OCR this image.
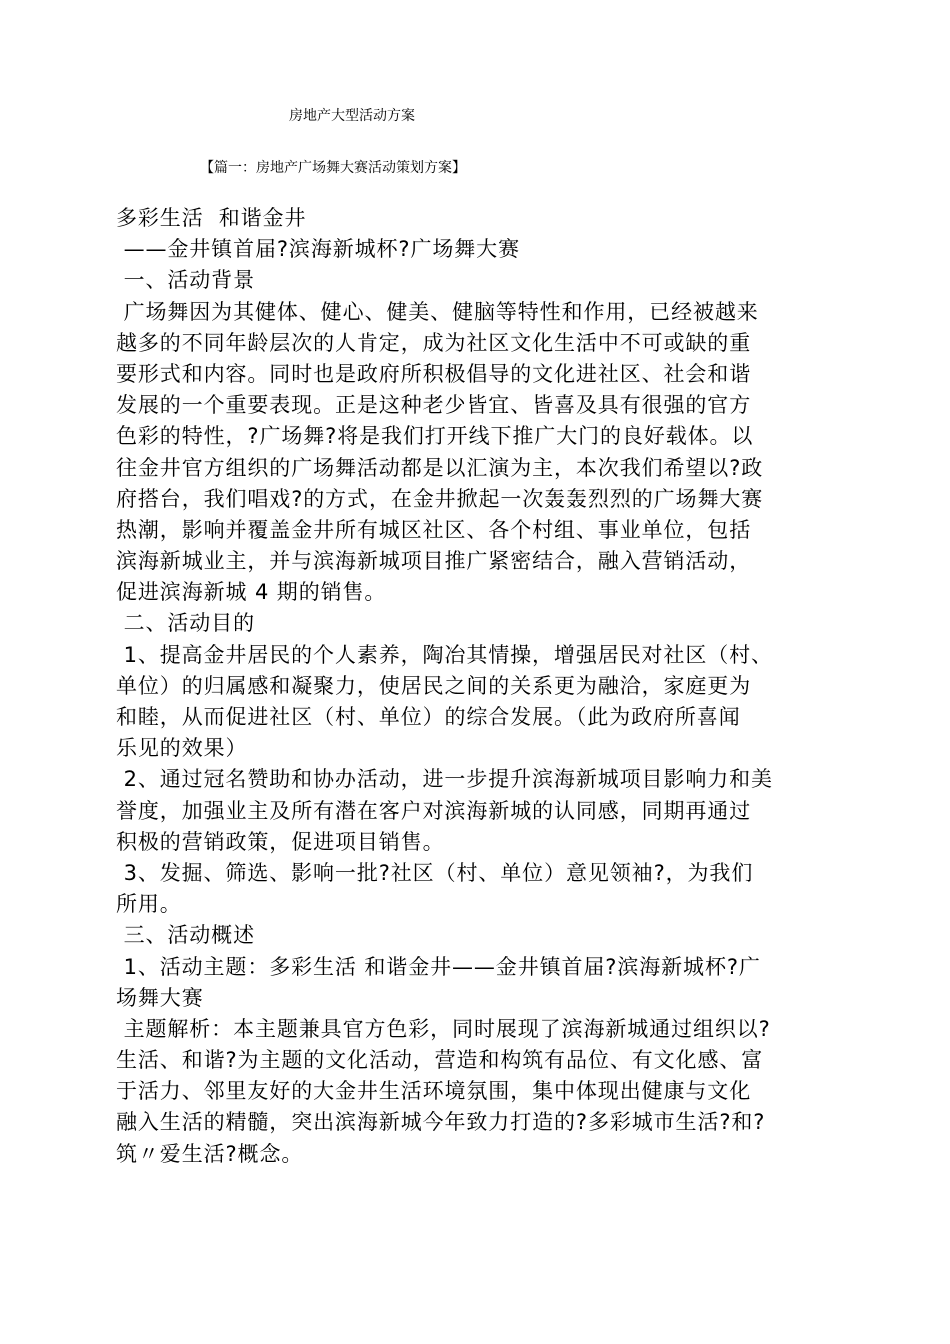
房地产大型活动方案
【篇一：房地产广场舞大赛活动策划方案】
多彩生活  和谐金井
——金井镇首届?滨海新城杯?广场舞大赛
一、活动背景
广场舞因为其健体、健心、健美、健脑等特性和作用，已经被越来
越多的不同年龄层次的人肯定，成为社区文化生活中不可或缺的重
要形式和内容。同时也是政府所积极倡导的文化进社区、社会和谐
发展的一个重要表现。正是这种老少皆宜、皆喜及具有很强的官方
色彩的特性，?广场舞?将是我们打开线下推广大门的良好载体。以
往金井官方组织的广场舞活动都是以汇演为主，本次我们希望以?政
府搭台，我们唱戏?的方式，在金井掀起一次轰轰烈烈的广场舞大赛
热潮，影响并覆盖金井所有城区社区、各个村组、事业单位，包括
滨海新城业主，并与滨海新城项目推广紧密结合，融入营销活动，
促进滨海新城 4 期的销售。
二、活动目的
1、提高金井居民的个人素养，陶冶其情操，增强居民对社区（村、
单位）的归属感和凝聚力，使居民之间的关系更为融洽，家庭更为
和睦，从而促进社区（村、单位）的综合发展。（此为政府所喜闻
乐见的效果）
2、通过冠名赞助和协办活动，进一步提升滨海新城项目影响力和美
誉度，加强业主及所有潜在客户对滨海新城的认同感，同期再通过
积极的营销政策，促进项目销售。
3、发掘、筛选、影响一批?社区（村、单位）意见领袖?，为我们
所用。
三、活动概述
1、活动主题：多彩生活 和谐金井——金井镇首届?滨海新城杯?广
场舞大赛
主题解析：本主题兼具官方色彩，同时展现了滨海新城通过组织以?
生活、和谐?为主题的文化活动，营造和构筑有品位、有文化感、富
于活力、邻里友好的大金井生活环境氛围，集中体现出健康与文化
融入生活的精髓，突出滨海新城今年致力打造的?多彩城市生活?和?
筑〃爱生活?概念。
